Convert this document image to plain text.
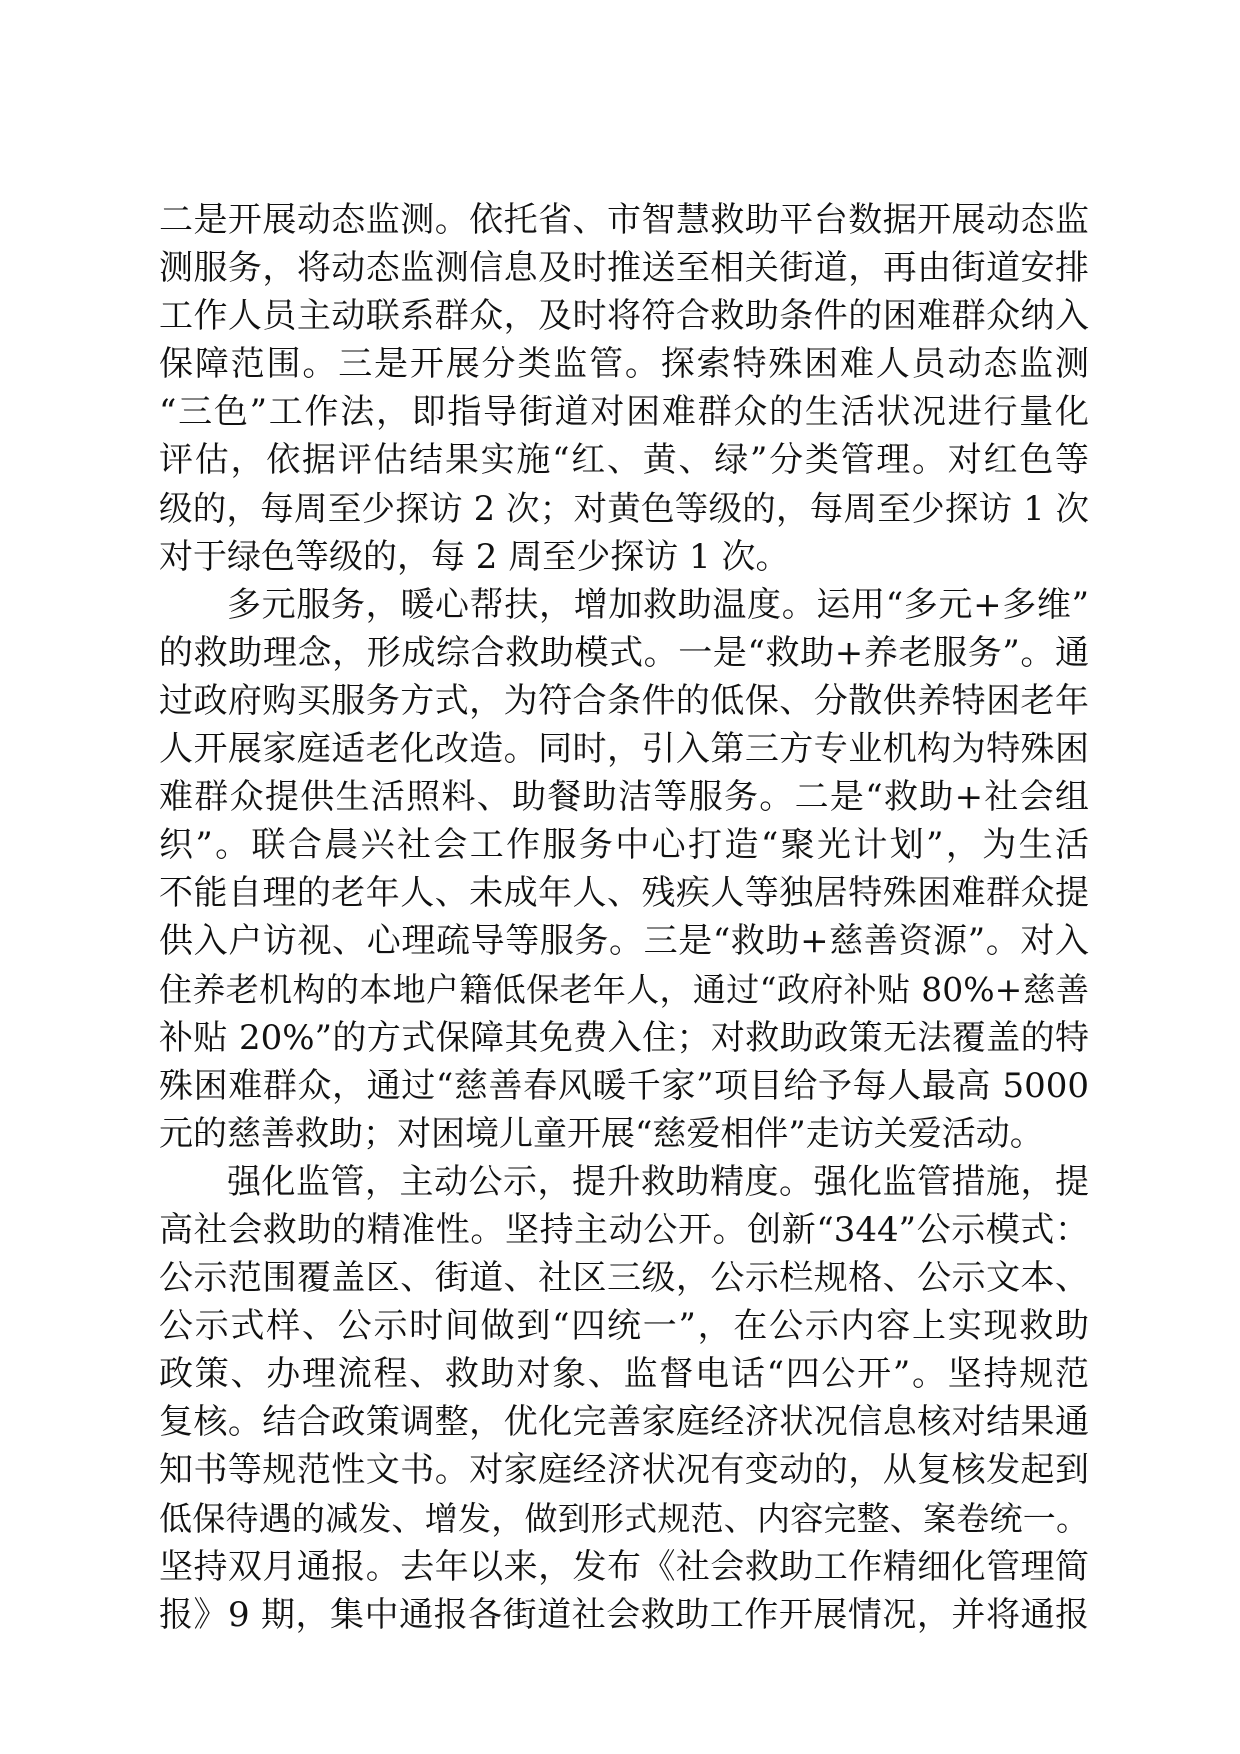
二是开展动态监测。依托省、市智慧救助平台数据开展动态监
测服务，将动态监测信息及时推送至相关街道，再由街道安排
工作人员主动联系群众，及时将符合救助条件的困难群众纳入
保障范围。三是开展分类监管。探索特殊困难人员动态监测
“三色”工作法，即指导街道对困难群众的生活状况进行量化
评估，依据评估结果实施“红、黄、绿”分类管理。对红色等
级的，每周至少探访 2 次；对黄色等级的，每周至少探访 1 次
对于绿色等级的，每 2 周至少探访 1 次。
多元服务，暖心帮扶，增加救助温度。运用“多元+多维”
的救助理念，形成综合救助模式。一是“救助+养老服务”。通
过政府购买服务方式，为符合条件的低保、分散供养特困老年
人开展家庭适老化改造。同时，引入第三方专业机构为特殊困
难群众提供生活照料、助餐助洁等服务。二是“救助+社会组
织”。联合晨兴社会工作服务中心打造“聚光计划”，为生活
不能自理的老年人、未成年人、残疾人等独居特殊困难群众提
供入户访视、心理疏导等服务。三是“救助+慈善资源”。对入
住养老机构的本地户籍低保老年人，通过“政府补贴 80%+慈善
补贴 20%”的方式保障其免费入住；对救助政策无法覆盖的特
殊困难群众，通过“慈善春风暖千家”项目给予每人最高 5000
元的慈善救助；对困境儿童开展“慈爱相伴”走访关爱活动。
强化监管，主动公示，提升救助精度。强化监管措施，提
高社会救助的精准性。坚持主动公开。创新“344”公示模式：
公示范围覆盖区、街道、社区三级，公示栏规格、公示文本、
公示式样、公示时间做到“四统一”，在公示内容上实现救助
政策、办理流程、救助对象、监督电话“四公开”。坚持规范
复核。结合政策调整，优化完善家庭经济状况信息核对结果通
知书等规范性文书。对家庭经济状况有变动的，从复核发起到
低保待遇的减发、增发，做到形式规范、内容完整、案卷统一。
坚持双月通报。去年以来，发布《社会救助工作精细化管理简
报》9 期，集中通报各街道社会救助工作开展情况，并将通报
